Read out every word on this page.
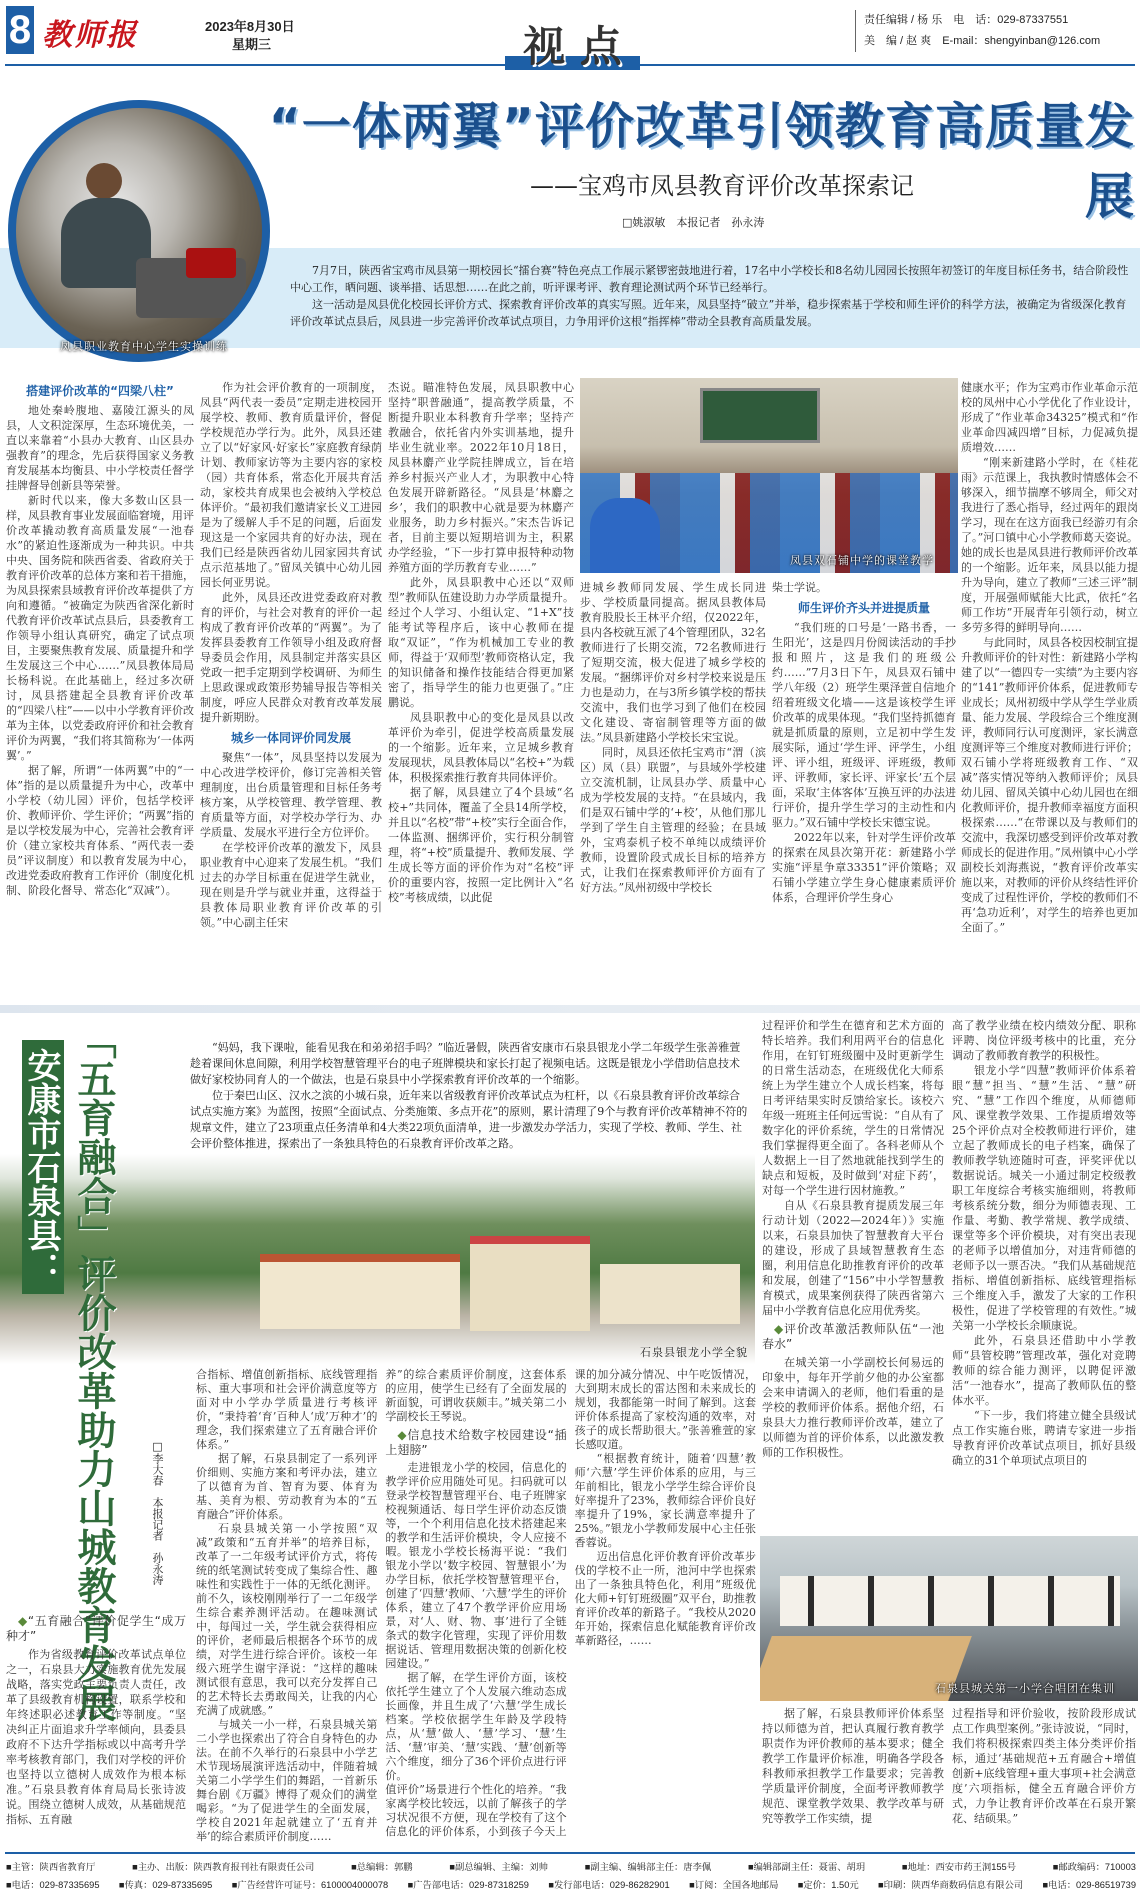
8 教师报	2023年8月30日
星期三	视 点
责任编辑 / 杨 乐　电　话：029-87337551
美　编 / 赵 爽　E-mail：shengyinban@126.com
“一体两翼”评价改革引领教育高质量发展
——宝鸡市凤县教育评价改革探索记
□姚淑敏　本报记者　孙永涛

7月7日，陕西省宝鸡市凤县第一期校园长“擂台赛”特色亮点工作展示紧锣密鼓地进行着，17名中小学校长和8名幼儿园园长按照年初签订的年度目标任务书，结合阶段性中心工作，晒问题、谈举措、话思想……在此之前，听评课考评、教育理论测试两个环节已经举行。

这一活动是凤县优化校园长评价方式、探索教育评价改革的真实写照。近年来，凤县坚持“破立”并举，稳步探索基于学校和师生评价的科学方法，被确定为省级深化教育评价改革试点县后，凤县进一步完善评价改革试点项目，力争用评价这根“指挥棒”带动全县教育高质量发展。

凤县职业教育中心学生实操训练
搭建评价改革的“四梁八柱”

地处秦岭腹地、嘉陵江源头的凤县，人文积淀深厚，生态环境优美，一直以来靠着“小县办大教育、山区县办强教育”的理念，先后获得国家义务教育发展基本均衡县、中小学校责任督学挂牌督导创新县等荣誉。

新时代以来，像大多数山区县一样，凤县教育事业发展面临窘境，用评价改革撬动教育高质量发展“一池春水”的紧迫性逐渐成为一种共识。中共中央、国务院和陕西省委、省政府关于教育评价改革的总体方案和若干措施，为凤县探索县域教育评价改革提供了方向和遵循。“被确定为陕西省深化新时代教育评价改革试点县后，县委教育工作领导小组认真研究，确定了试点项目，主要聚焦教育发展、质量提升和学生发展这三个中心……”凤县教体局局长杨科说。在此基础上，经过多次研讨，凤县搭建起全县教育评价改革的“四梁八柱”——以中小学教育评价改革为主体，以党委政府评价和社会教育评价为两翼，“我们将其简称为‘一体两翼’。”

据了解，所谓“一体两翼”中的“一体”指的是以质量提升为中心，改革中小学校（幼儿园）评价，包括学校评价、教师评价、学生评价；“两翼”指的是以学校发展为中心，完善社会教育评价（建立家校共育体系、“两代表一委员”评议制度）和以教育发展为中心，改进党委政府教育工作评价（制度化机制、阶段化督导、常态化“双减”）。

作为社会评价教育的一项制度，凤县“两代表一委员”定期走进校园开展学校、教师、教育质量评价，督促学校规范办学行为。此外，凤县还建立了以“好家风·好家长”家庭教育绿荫计划、教师家访等为主要内容的家校（园）共育体系，常态化开展共育活动，家校共育成果也会被纳入学校总体评价。“最初我们邀请家长义工进园是为了缓解人手不足的问题，后面发现这是一个家园共育的好办法，现在我们已经是陕西省幼儿园家园共育试点示范基地了。”留凤关镇中心幼儿园园长何亚男说。

此外，凤县还改进党委政府对教育的评价，与社会对教育的评价一起构成了教育评价改革的“两翼”。为了发挥县委教育工作领导小组及政府督导委员会作用，凤县制定并落实县区党政一把手定期到学校调研、为师生上思政课或政策形势辅导报告等相关制度，呼应人民群众对教育改革发展提升新期盼。

城乡一体同评价同发展

聚焦“一体”，凤县坚持以发展为中心改进学校评价，修订完善相关管理制度，出台质量管理和目标任务考核方案，从学校管理、教学管理、教育质量等方面，对学校办学行为、办学质量、发展水平进行全方位评价。

在学校评价改革的激发下，凤县职业教育中心迎来了发展生机。“我们过去的办学目标重在促进学生就业，现在则是升学与就业并重，这得益于县教体局职业教育评价改革的引领。”中心副主任宋

杰说。瞄准特色发展，凤县职教中心坚持“职普融通”，提高教学质量，不断提升职业本科教育升学率；坚持产教融合，依托省内外实训基地，提升毕业生就业率。2022年10月18日，凤县林麝产业学院挂牌成立，旨在培养乡村振兴产业人才，为职教中心特色发展开辟新路径。“凤县是‘林麝之乡’，我们的职教中心就是要为林麝产业服务，助力乡村振兴。”宋杰告诉记者，目前主要以短期培训为主，积累办学经验，“下一步打算申报特种动物养殖方面的学历教育专业……”

此外，凤县职教中心还以“双师型”教师队伍建设助力办学质量提升。经过个人学习、小组认定、“1+X”技能考试等程序后，该中心教师在提取“双证”，“作为机械加工专业的教师，得益于‘双师型’教师资格认定，我的知识储备和操作技能结合得更加紧密了，指导学生的能力也更强了。”庄鹏说。

凤县职教中心的变化是凤县以改革评价为牵引，促进学校高质量发展的一个缩影。近年来，立足城乡教育发展现状，凤县教体局以“名校+”为载体，积极探索推行教育共同体评价。

据了解，凤县建立了4个县域“名校+”共同体，覆盖了全县14所学校，并且以“名校”带“+校”实行全面合作，一体监测、捆绑评价，实行积分制管理，将“+校”质量提升、教师发展、学生成长等方面的评价作为对“名校”评价的重要内容，按照一定比例计入“名校”考核成绩，以此促

凤县双石铺中学的课堂教学

进城乡教师同发展、学生成长同进步、学校质量同提高。据凤县教体局教育股股长王林平介绍，仅2022年，县内各校就互派了4个管理团队，32名教师进行了长期交流，72名教师进行了短期交流，极大促进了城乡学校的发展。“捆绑评价对乡村学校来说是压力也是动力，在与3所乡镇学校的帮扶交流中，我们也学习到了他们在校园文化建设、寄宿制管理等方面的做法。”凤县新建路小学校长宋宝说。

同时，凤县还依托宝鸡市“渭（滨区）凤（县）联盟”，与县域外学校建立交流机制，让凤县办学、质量中心成为学校发展的支持。“在县域内，我们是双石铺中学的‘+校’，从他们那儿学到了学生自主管理的经验；在县域外，宝鸡泰机子校不单纯以成绩评价教师，设置阶段式成长目标的培养方式，让我们在探索教师评价方面有了好方法。”凤州初级中学校长

柴士学说。

师生评价齐头并进提质量

“我们班的口号是‘一路书香，一生阳光’，这是四月份阅读活动的手抄报和照片，这是我们的班级公约……”7月3日下午，凤县双石铺中学八年级（2）班学生栗泽萱自信地介绍着班级文化墙——这是该校学生评价改革的成果体现。“我们坚持抓德育就是抓质量的原则，立足初中学生发展实际，通过‘学生评、评学生，小组评、评小组，班级评、评班级，教师评、评教师，家长评、评家长’五个层面，采取‘主体客体’互换互评的办法进行评价，提升学生学习的主动性和内驱力。”双石铺中学校长宋德宝说。

2022年以来，针对学生评价改革的探索在凤县次第开花：新建路小学实施“评星争章33351”评价策略；双石铺小学建立学生身心健康素质评价体系，合理评价学生身心

健康水平；作为宝鸡市作业革命示范校的凤州中心小学优化了作业设计，形成了“作业革命34325”模式和“作业革命四减四增”目标，力促减负提质增效……

“刚来新建路小学时，在《桂花雨》示范课上，我执教时情感体会不够深入，细节揣摩不够周全，师父对我进行了悉心指导，经过两年的跟岗学习，现在在这方面我已经游刃有余了。”河口镇中心小学教师葛天姿说。她的成长也是凤县进行教师评价改革的一个缩影。近年来，凤县以能力提升为导向，建立了教师“三述三评”制度，开展强师赋能大比武，依托“名师工作坊”开展青年引领行动，树立多劳多得的鲜明导向……

与此同时，凤县各校因校制宜提升教师评价的针对性：新建路小学构建了以“一德四专一实绩”为主要内容的“141”教师评价体系，促进教师专业成长；凤州初级中学从学生学业质量、能力发展、学段综合三个维度测评，教师同行认可度测评，家长满意度测评等三个维度对教师进行评价；双石铺小学将班级教育工作、“双减”落实情况等纳入教师评价；凤县幼儿园、留凤关镇中心幼儿园也在细化教师评价，提升教师幸福度方面积极探索……“在带课以及与教师们的交流中，我深切感受到评价改革对教师成长的促进作用。”凤州镇中心小学副校长刘海燕说，“教育评价改革实施以来，对教师的评价从终结性评价变成了过程性评价，学校的教师们不再‘急功近利’，对学生的培养也更加全面了。”

石泉县银龙小学全貌
安康市石泉县： 「五育融合」评价改革助力山城教育发展	□李大春　本报记者　孙永涛

“妈妈，我下课啦，能看见我在和弟弟招手吗？”临近暑假，陕西省安康市石泉县银龙小学二年级学生张善雅萱趁着课间休息间隙，利用学校智慧管理平台的电子班牌模块和家长打起了视频电话。这既是银龙小学借助信息技术做好家校协同育人的一个做法，也是石泉县中小学探索教育评价改革的一个缩影。

位于秦巴山区、汉水之滨的小城石泉，近年来以省级教育评价改革试点为杠杆，以《石泉县教育评价改革综合试点实施方案》为蓝图，按照“全面试点、分类施策、多点开花”的原则，累计清理了9个与教育评价改革精神不符的规章文件，建立了23项重点任务清单和4大类22项负面清单，进一步激发办学活力，实现了学校、教师、学生、社会评价整体推进，探索出了一条独具特色的石泉教育评价改革之路。

◆“五育融合”评价促学生“成万种才”

作为省级教育评价改革试点单位之一，石泉县大力实施教育优先发展战略，落实党政主要负责人责任，改革了县级教育机构设置，联系学校和年终述职必述教育工作等制度。“坚决纠正片面追求升学率倾向，县委县政府不下达升学指标或以中高考升学率考核教育部门，我们对学校的评价也坚持以立德树人成效作为根本标准。”石泉县教育体育局局长张诗波说。围绕立德树人成效，从基础规范指标、五育融

合指标、增值创新指标、底线管理指标、重大事项和社会评价满意度等方面对中小学办学质量进行考核评价，“秉持着‘育’百种人‘成’万种才’的理念，我们探索建立了五育融合评价体系。”

据了解，石泉县制定了一系列评价细则、实施方案和考评办法，建立了以德育为首、智育为要、体育为基、美育为根、劳动教育为本的“五育融合”评价体系。

石泉县城关第一小学按照“双减”政策和“五育并举”的培养目标，改革了一二年级考试评价方式，将传统的纸笔测试转变成了集综合性、趣味性和实践性于一体的无纸化测评。前不久，该校刚刚举行了一二年级学生综合素养测评活动。在趣味测试中，每闯过一关，学生就会获得相应的评价，老师最后根据各个环节的成绩，对学生进行综合评价。该校一年级六班学生谢宇泽说：“这样的趣味测试很有意思，我可以充分发挥自己的艺术特长去勇敢闯关，让我的内心充满了成就感。”

与城关一小一样，石泉县城关第二小学也探索出了符合自身特色的办法。在前不久举行的石泉县中小学艺术节现场展演评选活动中，伴随着城关第二小学学生们的舞蹈，一首新乐舞台剧《万疆》博得了观众们的满堂喝彩。“为了促进学生的全面发展，学校自2021年起就建立了‘五育并举’的综合素质评价制度……

养”的综合素质评价制度，这套体系的应用，使学生已经有了全面发展的新面貌，可谓收获颇丰。”城关第二小学副校长王琴说。

◆信息技术给数字校园建设“插上翅膀”

走进银龙小学的校园，信息化的教学评价应用随处可见。扫码就可以登录学校智慧管理平台、电子班牌家校视频通话、每日学生评价动态反馈等，一个个利用信息化技术搭建起来的教学和生活评价模块，令人应接不暇。银龙小学校长杨海平说：“我们银龙小学以‘数字校园、智慧银小’为办学目标，依托学校智慧管理平台，创建了‘四慧’教师、‘六慧’学生的评价体系，建立了47个教学评价应用场景，对‘人、财、物、事’进行了全链条式的数字化管理，实现了评价用数据说话、管理用数据决策的创新化校园建设。”

据了解，在学生评价方面，该校依托学生建立了个人发展六维动态成长画像，并且生成了‘六慧’学生成长档案。学校依据学生年龄及学段特点，从‘慧’做人、‘慧’学习、‘慧’生活、‘慧’审美、‘慧’实践、‘慧’创新等六个维度，细分了36个评价点进行评价。

值评价”场景进行个性化的培养。“我家离学校比较远，以前了解孩子的学习状况很不方便，现在学校有了这个信息化的评价体系，小到孩子今天上课的加分减分情况、中午吃饭情况，大到期末成长的雷达图和未来成长的规划，我都能第一时间了解到。这套评价体系提高了家校沟通的效率，对孩子的成长帮助很大。”张善雅萱的家长感叹道。

“根据教育统计，随着‘四慧’教师‘六慧’学生评价体系的应用，与三年前相比，银龙小学学生综合评价良好率提升了23%，教师综合评价良好率提升了19%，家长满意率提升了25%。”银龙小学教师发展中心主任张香蓉说。

迈出信息化评价教育评价改革步伐的学校不止一所，池河中学也探索出了一条独具特色化，利用“班级优化大师+钉钉班级圈”双平台，助推教育评价改革的新路子。“我校从2020年开始，探索信息化赋能教育评价改革新路径，……

过程评价和学生在德育和艺术方面的特长培养。我们利用两平台的信息化作用，在钉钉班级圈中及时更新学生的日常生活动态，在班级优化大师系统上为学生建立个人成长档案，将每日考评结果实时反馈给家长。该校六年级一班班主任何远雪说：“自从有了数字化的评价系统，学生的日常情况我们掌握得更全面了。各科老师从个人数据上一目了然地就能找到学生的缺点和短板，及时做到‘对症下药’，对每一个学生进行因材施教。”

自从《石泉县教育提质发展三年行动计划（2022—2024年）》实施以来，石泉县加快了智慧教育大平台的建设，形成了县域智慧教育生态圈，利用信息化助推教育评价的改革和发展，创建了“156”中小学智慧教育模式，成果案例获得了陕西省第六届中小学教育信息化应用优秀奖。

◆评价改革激活教师队伍“一池春水”

在城关第一小学副校长何易远的印象中，每年开学前夕他的办公室都会来申请调入的老师，他们看重的是学校的教师评价体系。据他介绍，石泉县大力推行教师评价改革，建立了以师德为首的评价体系，以此激发教师的工作积极性。

高了教学业绩在校内绩效分配、职称评聘、岗位评级考核中的比重，充分调动了教师教育教学的积极性。

银龙小学“四慧”教师评价体系着眼“慧”担当、“慧”生活、“慧”研究、“慧”工作四个维度，从师德师风、课堂教学效果、工作提质增效等25个评价点对全校教师进行评价，建立起了教师成长的电子档案，确保了教师教学轨迹随时可查，评奖评优以数据说话。城关一小通过制定校级教职工年度综合考核实施细则，将教师考核系统分数，细分为师德表现、工作量、考勤、教学常规、教学成绩、课堂等多个评价模块，对有突出表现的老师予以增值加分，对违背师德的老师予以一票否决。“我们从基础规范指标、增值创新指标、底线管理指标三个维度入手，激发了大家的工作积极性，促进了学校管理的有效性。”城关第一小学校长余顺康说。

此外，石泉县还借助中小学教师“县管校聘”管理改革，强化对竞聘教师的综合能力测评，以聘促评激活“一池春水”，提高了教师队伍的整体水平。

“下一步，我们将建立健全县级试点工作实施台账，聘请专家进一步指导教育评价改革试点项目，抓好县级确立的31个单项试点项目的

石泉县城关第一小学合唱团在集训

据了解，石泉县教师评价体系坚持以师德为首，把认真履行教育教学职责作为评价教师的基本要求；健全教学工作量评价标准，明确各学段各科教师承担教学工作量要求；完善教学质量评价制度，全面考评教师教学规范、课堂教学效果、教学改革与研究等教学工作实绩，提

过程指导和评价验收，按阶段形成试点工作典型案例。”张诗波说，“同时，我们将积极探索四类主体分类评价指标，通过‘基础规范+五育融合+增值创新+底线管理+重大事项+社会满意度’六项指标，健全五育融合评价方式，力争让教育评价改革在石泉开繁花、结硕果。”

■主管：陕西省教育厅	■主办、出版：陕西教育报刊社有限责任公司	■总编辑：郭鹏	■副总编辑、主编：刘帅	■副主编、编辑部主任：唐李佩	■编辑部副主任：聂雷、胡玥	■地址：西安市药王洞155号	■邮政编码：710003
■电话：029-87335695 ■传真：029-87335695 ■广告经营许可证号：6100004000078 ■广告部电话：029-87318259 ■发行部电话：029-86282901 ■订阅：全国各地邮局 ■定价：1.50元 ■印刷：陕西华商数码信息有限公司 ■电话：029-86519739
